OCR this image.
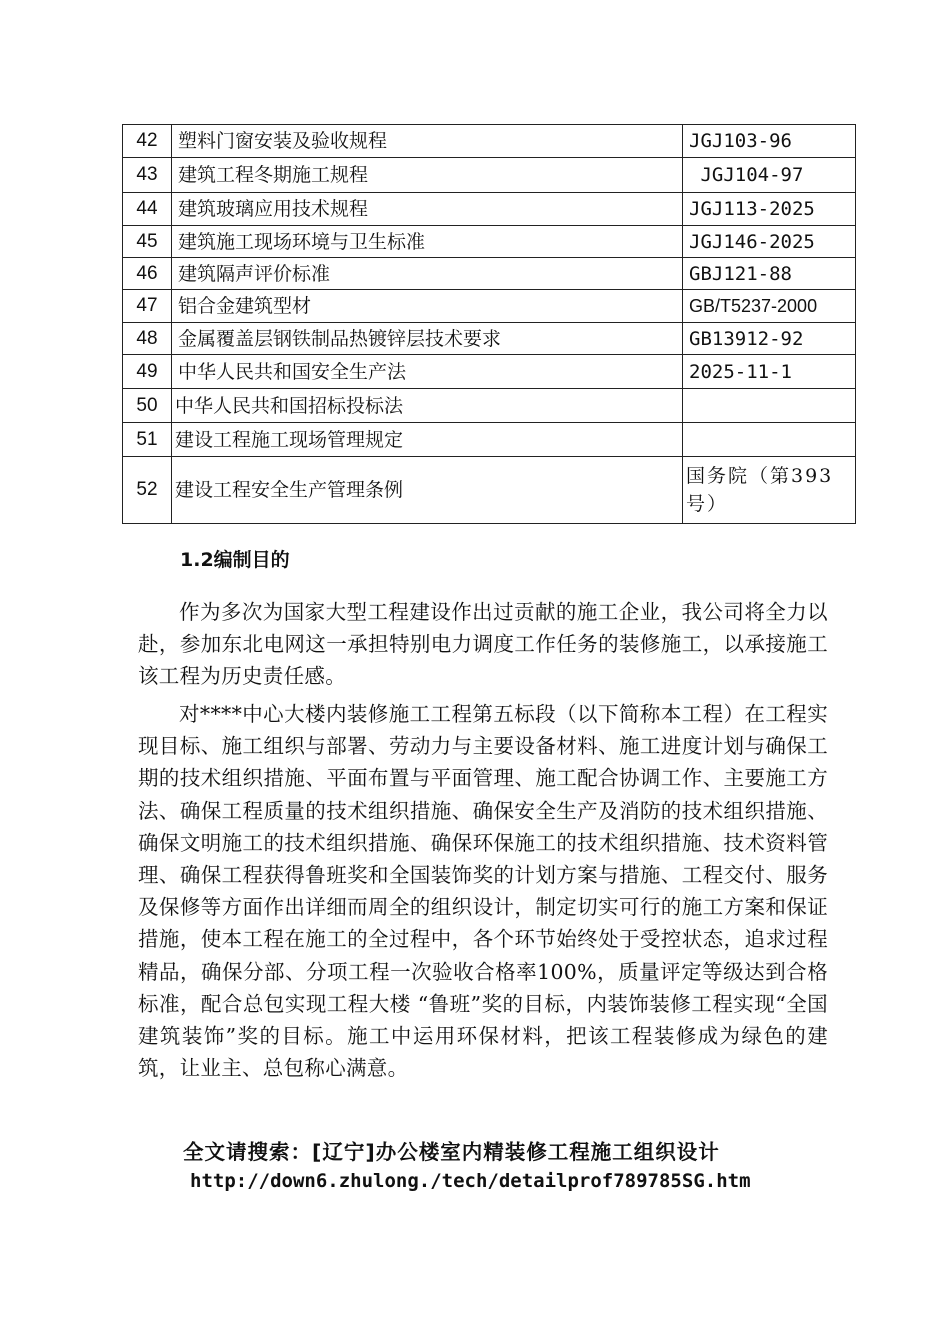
42	塑料门窗安装及验收规程	JGJ103-96
43	建筑工程冬期施工规程	JGJ104-97
44	建筑玻璃应用技术规程	JGJ113-2025
45	建筑施工现场环境与卫生标准	JGJ146-2025
46	建筑隔声评价标准	GBJ121-88
47	铝合金建筑型材	GB/T5237-2000
48	金属覆盖层钢铁制品热镀锌层技术要求	GB13912-92
49	中华人民共和国安全生产法	2025-11-1
50	中华人民共和国招标投标法	
51	建设工程施工现场管理规定	
52	建设工程安全生产管理条例	国务院（第393号）
1.2编制目的

作为多次为国家大型工程建设作出过贡献的施工企业，我公司将全力以赴，参加东北电网这一承担特别电力调度工作任务的装修施工，以承接施工该工程为历史责任感。

对****中心大楼内装修施工工程第五标段（以下简称本工程）在工程实现目标、施工组织与部署、劳动力与主要设备材料、施工进度计划与确保工期的技术组织措施、平面布置与平面管理、施工配合协调工作、主要施工方法、确保工程质量的技术组织措施、确保安全生产及消防的技术组织措施、确保文明施工的技术组织措施、确保环保施工的技术组织措施、技术资料管理、确保工程获得鲁班奖和全国装饰奖的计划方案与措施、工程交付、服务及保修等方面作出详细而周全的组织设计，制定切实可行的施工方案和保证措施，使本工程在施工的全过程中，各个环节始终处于受控状态，追求过程精品，确保分部、分项工程一次验收合格率100%，质量评定等级达到合格标准，配合总包实现工程大楼 “鲁班”奖的目标，内装饰装修工程实现“全国建筑装饰”奖的目标。施工中运用环保材料，把该工程装修成为绿色的建筑，让业主、总包称心满意。

全文请搜索：[辽宁]办公楼室内精装修工程施工组织设计
http://down6.zhulong./tech/detailprof789785SG.htm
